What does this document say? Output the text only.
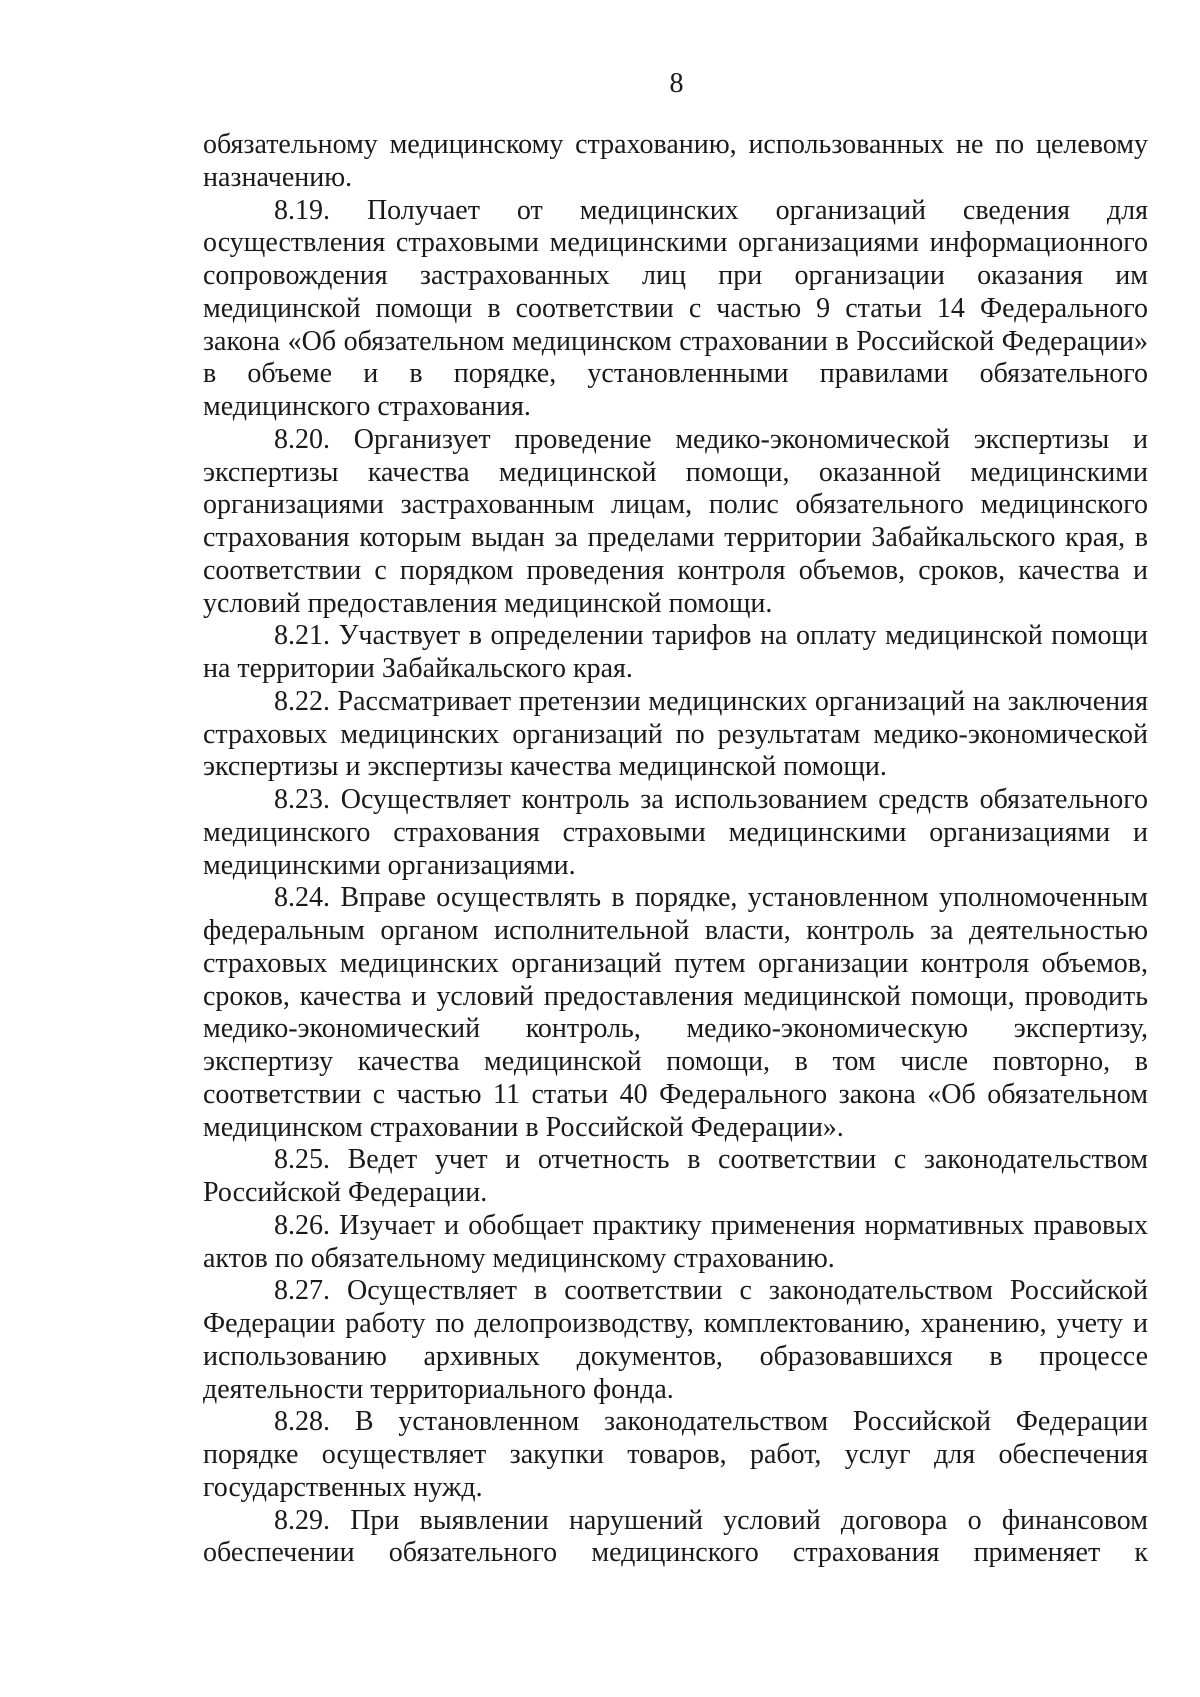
8

обязательному медицинскому страхованию, использованных не по целевому назначению.

8.19. Получает от медицинских организаций сведения для осуществления страховыми медицинскими организациями информационного сопровождения застрахованных лиц при организации оказания им медицинской помощи в соответствии с частью 9 статьи 14 Федерального закона «Об обязательном медицинском страховании в Российской Федерации» в объеме и в порядке, установленными правилами обязательного медицинского страхования.

8.20. Организует проведение медико-экономической экспертизы и экспертизы качества медицинской помощи, оказанной медицинскими организациями застрахованным лицам, полис обязательного медицинского страхования которым выдан за пределами территории Забайкальского края, в соответствии с порядком проведения контроля объемов, сроков, качества и условий предоставления медицинской помощи.

8.21. Участвует в определении тарифов на оплату медицинской помощи на территории Забайкальского края.

8.22. Рассматривает претензии медицинских организаций на заключения страховых медицинских организаций по результатам медико-экономической экспертизы и экспертизы качества медицинской помощи.

8.23. Осуществляет контроль за использованием средств обязательного медицинского страхования страховыми медицинскими организациями и медицинскими организациями.

8.24. Вправе осуществлять в порядке, установленном уполномоченным федеральным органом исполнительной власти, контроль за деятельностью страховых медицинских организаций путем организации контроля объемов, сроков, качества и условий предоставления медицинской помощи, проводить медико-экономический контроль, медико-экономическую экспертизу, экспертизу качества медицинской помощи, в том числе повторно, в соответствии с частью 11 статьи 40 Федерального закона «Об обязательном медицинском страховании в Российской Федерации».

8.25. Ведет учет и отчетность в соответствии с законодательством Российской Федерации.

8.26. Изучает и обобщает практику применения нормативных правовых актов по обязательному медицинскому страхованию.

8.27. Осуществляет в соответствии с законодательством Российской Федерации работу по делопроизводству, комплектованию, хранению, учету и использованию архивных документов, образовавшихся в процессе деятельности территориального фонда.

8.28. В установленном законодательством Российской Федерации порядке осуществляет закупки товаров, работ, услуг для обеспечения государственных нужд.

8.29. При выявлении нарушений условий договора о финансовом обеспечении обязательного медицинского страхования применяет к
